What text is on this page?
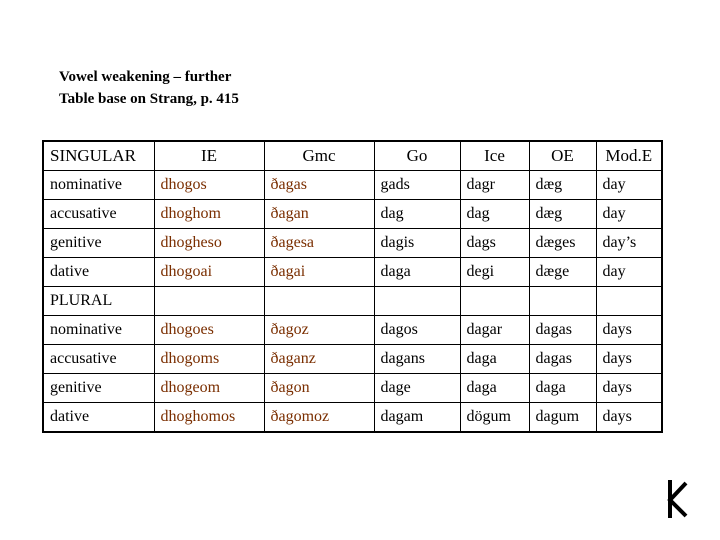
Vowel weakening – further
Table base on Strang, p. 415
SINGULAR	IE	Gmc	Go	Ice	OE	Mod.E
nominative	dhogos	ðagas	gads	dagr	dæg	day
accusative	dhoghom	ðagan	dag	dag	dæg	day
genitive	dhogheso	ðagesa	dagis	dags	dæges	day’s
dative	dhogoai	ðagai	daga	degi	dæge	day
PLURAL						
nominative	dhogoes	ðagoz	dagos	dagar	dagas	days
accusative	dhogoms	ðaganz	dagans	daga	dagas	days
genitive	dhogeom	ðagon	dage	daga	daga	days
dative	dhoghomos	ðagomoz	dagam	dögum	dagum	days
